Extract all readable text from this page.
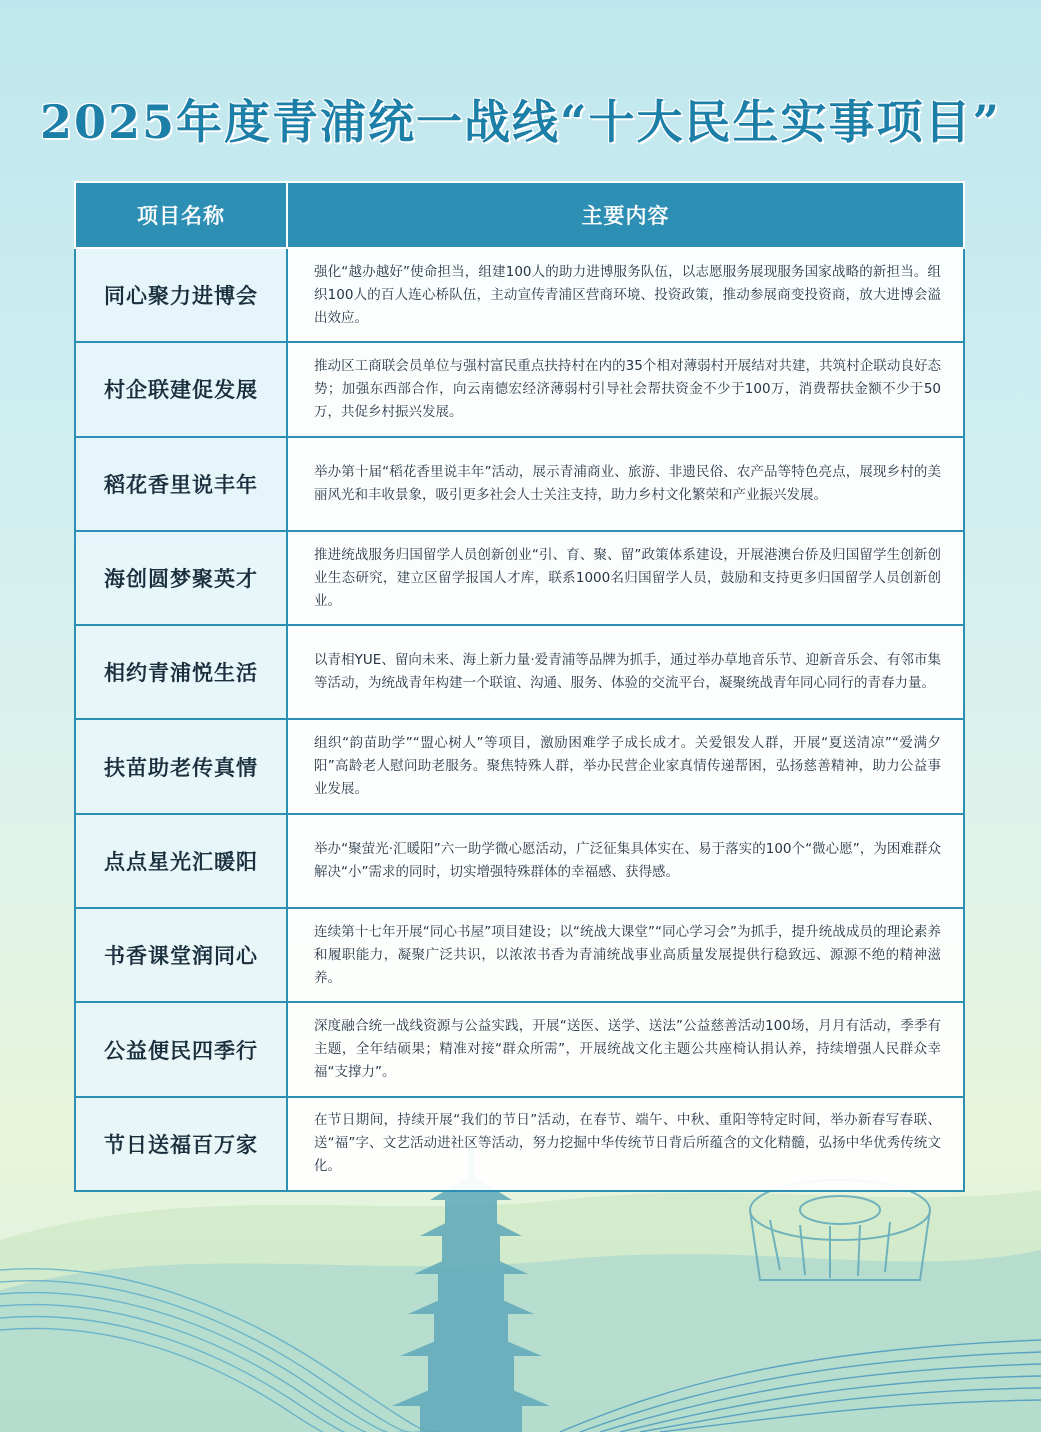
2025年度青浦统一战线“十大民生实事项目”
项目名称	主要内容
同心聚力进博会	强化“越办越好”使命担当，组建100人的助力进博服务队伍，以志愿服务展现服务国家战略的新担当。组织100人的百人连心桥队伍，主动宣传青浦区营商环境、投资政策，推动参展商变投资商，放大进博会溢出效应。
村企联建促发展	推动区工商联会员单位与强村富民重点扶持村在内的35个相对薄弱村开展结对共建，共筑村企联动良好态势；加强东西部合作，向云南德宏经济薄弱村引导社会帮扶资金不少于100万，消费帮扶金额不少于50万，共促乡村振兴发展。
稻花香里说丰年	举办第十届“稻花香里说丰年”活动，展示青浦商业、旅游、非遗民俗、农产品等特色亮点，展现乡村的美丽风光和丰收景象，吸引更多社会人士关注支持，助力乡村文化繁荣和产业振兴发展。
海创圆梦聚英才	推进统战服务归国留学人员创新创业“引、育、聚、留”政策体系建设，开展港澳台侨及归国留学生创新创业生态研究，建立区留学报国人才库，联系1000名归国留学人员，鼓励和支持更多归国留学人员创新创业。
相约青浦悦生活	以青相YUE、留向未来、海上新力量·爱青浦等品牌为抓手，通过举办草地音乐节、迎新音乐会、有邻市集等活动，为统战青年构建一个联谊、沟通、服务、体验的交流平台，凝聚统战青年同心同行的青春力量。
扶苗助老传真情	组织“韵苗助学”“盟心树人”等项目，激励困难学子成长成才。关爱银发人群，开展“夏送清凉”“爱满夕阳”高龄老人慰问助老服务。聚焦特殊人群，举办民营企业家真情传递帮困，弘扬慈善精神，助力公益事业发展。
点点星光汇暖阳	举办“聚萤光·汇暖阳”六一助学微心愿活动，广泛征集具体实在、易于落实的100个“微心愿”，为困难群众解决“小”需求的同时，切实增强特殊群体的幸福感、获得感。
书香课堂润同心	连续第十七年开展“同心书屋”项目建设；以“统战大课堂”“同心学习会”为抓手，提升统战成员的理论素养和履职能力，凝聚广泛共识，以浓浓书香为青浦统战事业高质量发展提供行稳致远、源源不绝的精神滋养。
公益便民四季行	深度融合统一战线资源与公益实践，开展“送医、送学、送法”公益慈善活动100场，月月有活动，季季有主题，全年结硕果；精准对接“群众所需”，开展统战文化主题公共座椅认捐认养，持续增强人民群众幸福“支撑力”。
节日送福百万家	在节日期间，持续开展“我们的节日”活动，在春节、端午、中秋、重阳等特定时间，举办新春写春联、送“福”字、文艺活动进社区等活动，努力挖掘中华传统节日背后所蕴含的文化精髓，弘扬中华优秀传统文化。
